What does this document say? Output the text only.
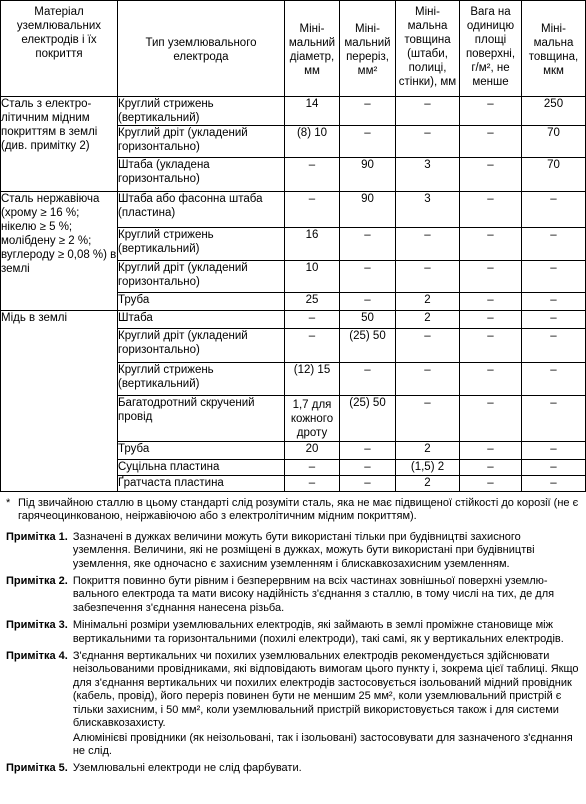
Матеріал уземлювальних електродів і їх покриття	Тип уземлювального електрода	Мінімальний діаметр, мм	Мінімальний переріз, мм²	Мінімальна товщина (штаби, полиці, стінки), мм	Вага на одиницю площі поверхні, г/м², не менше	Мінімальна товщина, мкм
Сталь з електролітичним мідним покриттям в землі (див. примітку 2)	Круглий стрижень (вертикальний)	14	–	–	–	250
	Круглий дріт (укладений горизонтально)	(8) 10	–	–	–	70
	Штаба (укладена горизонтально)	–	90	3	–	70
Сталь нержавіюча (хрому ≥ 16 %; нікелю ≥ 5 %; молібдену ≥ 2 %; вуглероду ≥ 0,08 %) в землі	Штаба або фасонна штаба (пластина)	–	90	3	–	–
	Круглий стрижень (вертикальний)	16	–	–	–	–
	Круглий дріт (укладений горизонтально)	10	–	–	–	–
	Труба	25	–	2	–	–
Мідь в землі	Штаба	–	50	2	–	–
	Круглий дріт (укладений горизонтально)	–	(25) 50	–	–	–
	Круглий стрижень (вертикальний)	(12) 15	–	–	–	–
	Багатодротний скручений провід	1,7 для кожного дроту	(25) 50	–	–	–
	Труба	20	–	2	–	–
	Суцільна пластина	–	–	(1,5) 2	–	–
	Ґратчаста пластина	–	–	2	–	–
* Під звичайною сталлю в цьому стандарті слід розуміти сталь, яка не має підвищеної стійкості до корозії (не є гарячеоцинкованою, неіржавіючою або з електролітичним мідним покриттям).
Примітка 1. Зазначені в дужках величини можуть бути використані тільки при будівництві захисного уземлення. Величини, які не розміщені в дужках, можуть бути використані при будівництві уземлення, яке одночасно є захисним уземленням і блискавкозахисним уземленням.

Примітка 2. Покриття повинно бути рівним і безперервним на всіх частинах зовнішньої поверхні уземлювального електрода та мати високу надійність з'єднання з сталлю, в тому числі на тих, де для забезпечення з'єднання нанесена різьба.

Примітка 3. Мінімальні розміри уземлювальних електродів, які займають в землі проміжне становище між вертикальними та горизонтальними (похилі електроди), такі самі, як у вертикальних електродів.

Примітка 4. З'єднання вертикальних чи похилих уземлювальних електродів рекомендується здійснювати неізольованими провідниками, які відповідають вимогам цього пункту і, зокрема цієї таблиці. Якщо для з'єднання вертикальних чи похилих електродів застосовується ізольований мідний провідник (кабель, провід), його переріз повинен бути не меншим 25 мм², коли уземлювальний пристрій є тільки захисним, і 50 мм², коли уземлювальний пристрій використовується також і для системи блискавкозахисту.

Алюмінієві провідники (як неізольовані, так і ізольовані) застосовувати для зазначеного з'єднання не слід.

Примітка 5. Уземлювальні електроди не слід фарбувати.
